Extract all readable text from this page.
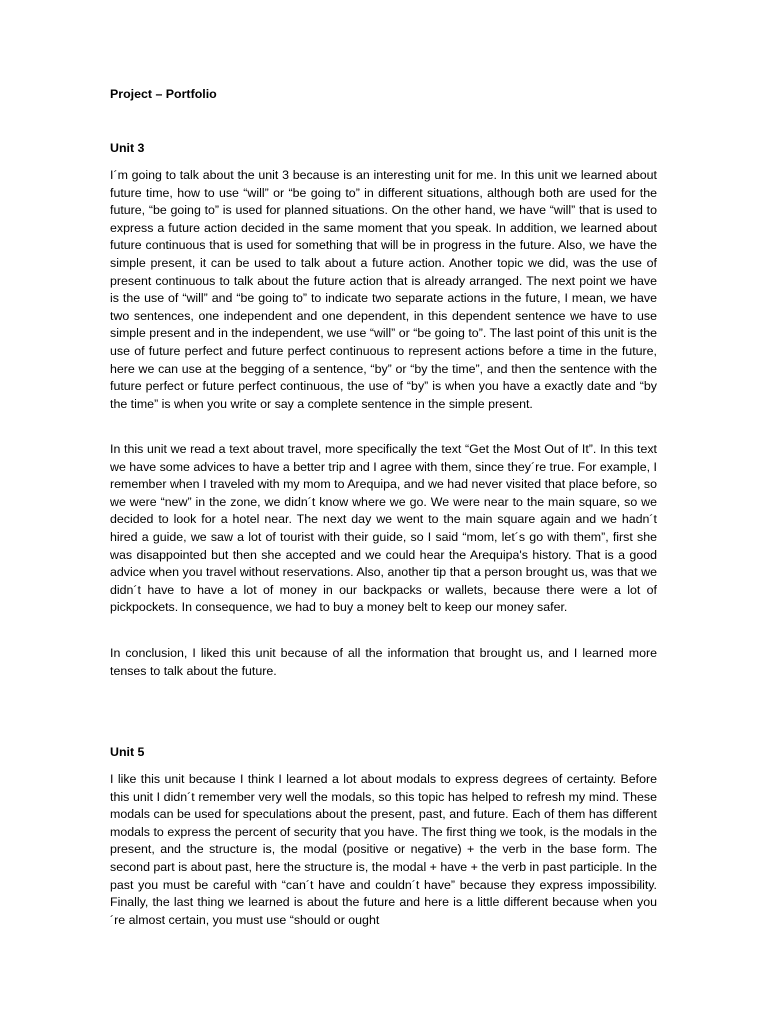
Project – Portfolio

Unit 3

I´m going to talk about the unit 3 because is an interesting unit for me. In this unit we learned about future time, how to use “will” or “be going to” in different situations, although both are used for the future, “be going to” is used for planned situations. On the other hand, we have “will” that is used to express a future action decided in the same moment that you speak. In addition, we learned about future continuous that is used for something that will be in progress in the future. Also, we have the simple present, it can be used to talk about a future action. Another topic we did, was the use of present continuous to talk about the future action that is already arranged. The next point we have is the use of “will” and “be going to” to indicate two separate actions in the future, I mean, we have two sentences, one independent and one dependent, in this dependent sentence we have to use simple present and in the independent, we use “will” or “be going to”. The last point of this unit is the use of future perfect and future perfect continuous to represent actions before a time in the future, here we can use at the begging of a sentence, “by” or “by the time”, and then the sentence with the future perfect or future perfect continuous, the use of “by” is when you have a exactly date and “by the time” is when you write or say a complete sentence in the simple present.

In this unit we read a text about travel, more specifically the text “Get the Most Out of It”. In this text we have some advices to have a better trip and I agree with them, since they´re true. For example, I remember when I traveled with my mom to Arequipa, and we had never visited that place before, so we were “new” in the zone, we didn´t know where we go. We were near to the main square, so we decided to look for a hotel near. The next day we went to the main square again and we hadn´t hired a guide, we saw a lot of tourist with their guide, so I said “mom, let´s go with them”, first she was disappointed but then she accepted and we could hear the Arequipa's history. That is a good advice when you travel without reservations. Also, another tip that a person brought us, was that we didn´t have to have a lot of money in our backpacks or wallets, because there were a lot of pickpockets. In consequence, we had to buy a money belt to keep our money safer.

In conclusion, I liked this unit because of all the information that brought us, and I learned more tenses to talk about the future.

Unit 5

I like this unit because I think I learned a lot about modals to express degrees of certainty. Before this unit I didn´t remember very well the modals, so this topic has helped to refresh my mind. These modals can be used for speculations about the present, past, and future. Each of them has different modals to express the percent of security that you have. The first thing we took, is the modals in the present, and the structure is, the modal (positive or negative) + the verb in the base form. The second part is about past, here the structure is, the modal + have + the verb in past participle. In the past you must be careful with “can´t have and couldn´t have” because they express impossibility. Finally, the last thing we learned is about the future and here is a little different because when you´re almost certain, you must use “should or ought
